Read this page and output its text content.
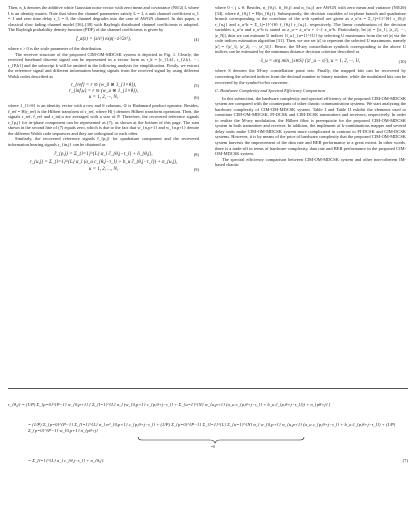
Then, n_k denotes the additive white Gaussian noise vector with zero mean and covariance (N0/2) I, where I is an identity matrix. Note that when the channel parameters satisfy L = 1, a unit channel coefficient α_1 = 1 and zero time delay τ_1 = 0, the channel degrades into the case of AWGN channel. In this paper, a classical slow fading channel model [36]–[38] with Rayleigh distributed channel coefficients is adopted. The Rayleigh probability density function (PDF) of the channel coefficients is given by

f_α(z) = (z/ε²) exp(−z²/2ε²),	(4)

where ε > 0 is the scale parameter of the distribution.

The receiver structure of the proposed CIM-OM-MDCSK system is depicted in Fig. 1. Clearly, the received baseband discrete signal can be represented in a vector form as r_k = [r_{1,k}, r_{2,k}, ···, r_{P,k}] and the subscript k will be omitted in the following analysis for simplification. Firstly, we extract the reference signal and different information bearing signals from the received signal by using different Walsh codes described as

r_{ref} = r ⊙ (w_0 ⊗ 1_{1×θ}),	(5)
r_{inf,u} = r ⊙ (w_u ⊗ 1_{1×θ}),
u = 1, 2, ···, N,	(6)

where 1_{1×θ} is an identity vector with a row and θ columns, ⊙ is Hadamard product operator. Besides, r̃_ref = H(r_ref) is the Hilbert transform of r_ref, where H(·) denotes Hilbert transform operation. Then, the signals r_ref, r̃_ref and r_inf,u are averaged with a size of P. Therefore, the recovered reference signals r_{p,j} for in-phase component can be represented as (7), as shown at the bottom of this page. The sum shown in the second line of (7) equals zero, which is due to the fact that w_{n,p+1} and w_{n,p+1} denote the different Walsh code sequences and they are orthogonal to each other.

Similarly, the recovered reference signals r̃_{p,j} for quadrature component and the recovered information bearing signals r_{in,j} can be obtained as

r̃_{p,j} = Σ_{l=1}^{L} α_l c̃_{θ,j−τ_l} + ñ_{θ,j},	(8)
r_{u,j} = Σ_{l=1}^{L} α_l (a_u c_{θ,j−τ_l} + b_u c̃_{θ,j−τ_l}) + n_{u,j},
u = 1, 2, ..., N,	(9)

where 0 < j ≤ θ. Besides, n_{θ,j}, ñ_{θ,j} and n_{u,j} are AWGN with zero mean and variance (N0/2θ) [34], where ñ_{θ,j} = H(n_{θ,j}). Subsequently, the decision variables of in-phase branch and quadrature branch corresponding to the correlator of the u-th symbol are given as z_u^a = Σ_{j=1}^{θ} r_{θ,j} r_{u,j} and z_u^b = Σ_{j=1}^{θ} r̃_{θ,j} r_{u,j}, respectively. The linear combination of the decision variables z_u^a and z_u^b is stated as z_u = z_u^a + √−1 z_u^b. Particularly, let |z| = [|z_1|, |z_2|, ···, |z_N|], thus we can estimate U indices {î_u}_{u=1}^{U} by selecting U maximums from the set |z| via the code indices estimation algorithm [31]. Then, we use set |z'| to represent the selected U maximums, namely |z'| = {|z'_1|, |z'_2|, ···, |z'_U|}. Hence, the M-ary constellation symbols corresponding to the above U indices can be estimated by the minimum distance decision criterion described as

ŝ_u = arg min_{s∈S} (|z'_u − s|²), u = 1, 2, ···, U,	(10)

where S denotes the M-ary constellation point sets. Finally, the mapped bits can be recovered by converting the selected indices from the decimal number to binary number, while the modulated bits can be recovered by the symbol-to-bit converter.

C. Hardware Complexity and Spectral Efficiency Comparison

In this subsection, the hardware complexity and spectral efficiency of the proposed CIM-OM-MDCSK system are compared with the counterparts of other chaotic communication systems. We start analyzing the hardware complexity of CIM-OM-MDCSK system. Table I and Table II exhibit the elements used to constitute CIM-OM-MDCSK, PI-DCSK and CIM-DCSK transmitters and receivers, respectively. In order to realize the M-ary modulation, the Hilbert filter is prerequisite for the proposed CIM-OM-MDCSK system in both transmitter and receiver. In addition, the implement of k-combinations mapper and several delay units make CIM-OM-MDCSK system more complicated in contrast to PI-DCSK and CIM-DCSK systems. However, it is by means of the price of hardware complexity that the proposed CIM-OM-MDCSK system harvests the improvement of the data rate and BER performance to a great extent. In other words, there is a trade-off in terms of hardware complexity, data rate and BER performance in the proposed CIM-OM-MDCSK system.

The spectral efficiency comparison between CIM-OM-MDCSK system and other non-coherent IM-based chaotic

r_{θ,j} = (1/P) Σ_{p=0}^{P−1} w_{0,p+1} [ Σ_{l=1}^{L} α_l (w_{0,p+1} c_{p,θ+j−τ_l} + Σ_{u=1}^{N} w_{u,p+1} (a_u c_{p,θ+j−τ_l} + b_u c̃_{p,θ+j−τ_l})) + n_{pθ+j} ]
= (1/P) Σ_{p=0}^{P−1} Σ_{l=1}^{L} α_l w²_{0,p+1} c_{p,θ+j−τ_l} + (1/P) Σ_{p=0}^{P−1} Σ_{l=1}^{L} Σ_{u=1}^{N} α_l w_{0,p+1} w_{u,p+1} (a_u c_{p,θ+j−τ_l} + b_u c̃_{p,θ+j−τ_l}) + (1/P) Σ_{p=0}^{P−1} w_{0,p+1} n_{pθ+j}
=0
= Σ_{l=1}^{L} α_l c_{θ,j−τ_l} + n_{θ,j}.	(7)
